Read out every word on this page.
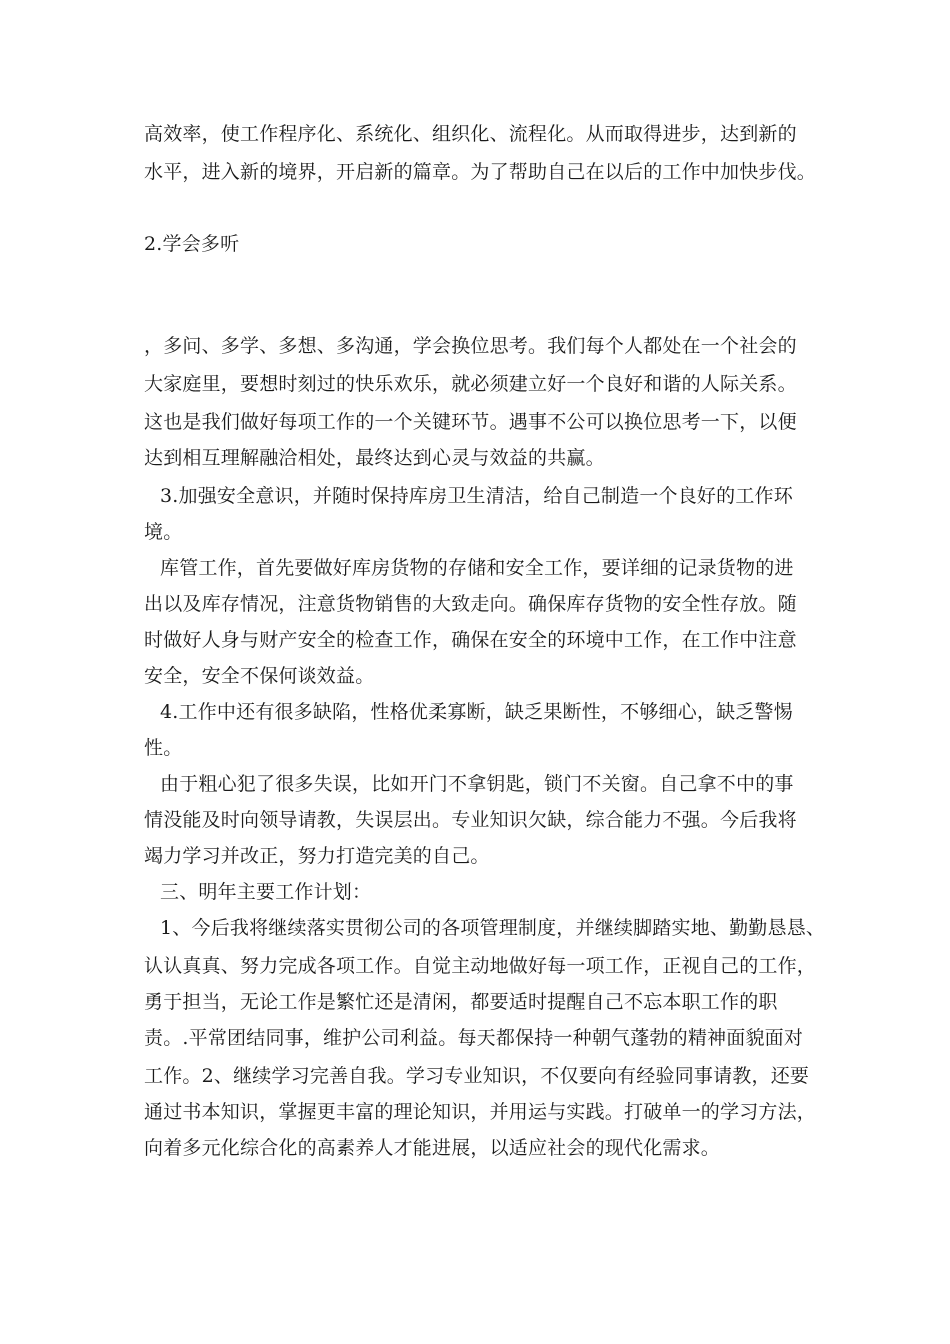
高效率，使工作程序化、系统化、组织化、流程化。从而取得进步，达到新的
水平，进入新的境界，开启新的篇章。为了帮助自己在以后的工作中加快步伐。
2.学会多听
，多问、多学、多想、多沟通，学会换位思考。我们每个人都处在一个社会的
大家庭里，要想时刻过的快乐欢乐，就必须建立好一个良好和谐的人际关系。
这也是我们做好每项工作的一个关键环节。遇事不公可以换位思考一下，以便
达到相互理解融洽相处，最终达到心灵与效益的共赢。
3.加强安全意识，并随时保持库房卫生清洁，给自己制造一个良好的工作环
境。
库管工作，首先要做好库房货物的存储和安全工作，要详细的记录货物的进
出以及库存情况，注意货物销售的大致走向。确保库存货物的安全性存放。随
时做好人身与财产安全的检查工作，确保在安全的环境中工作，在工作中注意
安全，安全不保何谈效益。
4.工作中还有很多缺陷，性格优柔寡断，缺乏果断性，不够细心，缺乏警惕
性。
由于粗心犯了很多失误，比如开门不拿钥匙，锁门不关窗。自己拿不中的事
情没能及时向领导请教，失误层出。专业知识欠缺，综合能力不强。今后我将
竭力学习并改正，努力打造完美的自己。
三、明年主要工作计划：
1、今后我将继续落实贯彻公司的各项管理制度，并继续脚踏实地、勤勤恳恳、
认认真真、努力完成各项工作。自觉主动地做好每一项工作，正视自己的工作，
勇于担当，无论工作是繁忙还是清闲，都要适时提醒自己不忘本职工作的职
责。.平常团结同事，维护公司利益。每天都保持一种朝气蓬勃的精神面貌面对
工作。2、继续学习完善自我。学习专业知识，不仅要向有经验同事请教，还要
通过书本知识，掌握更丰富的理论知识，并用运与实践。打破单一的学习方法，
向着多元化综合化的高素养人才能进展，以适应社会的现代化需求。
